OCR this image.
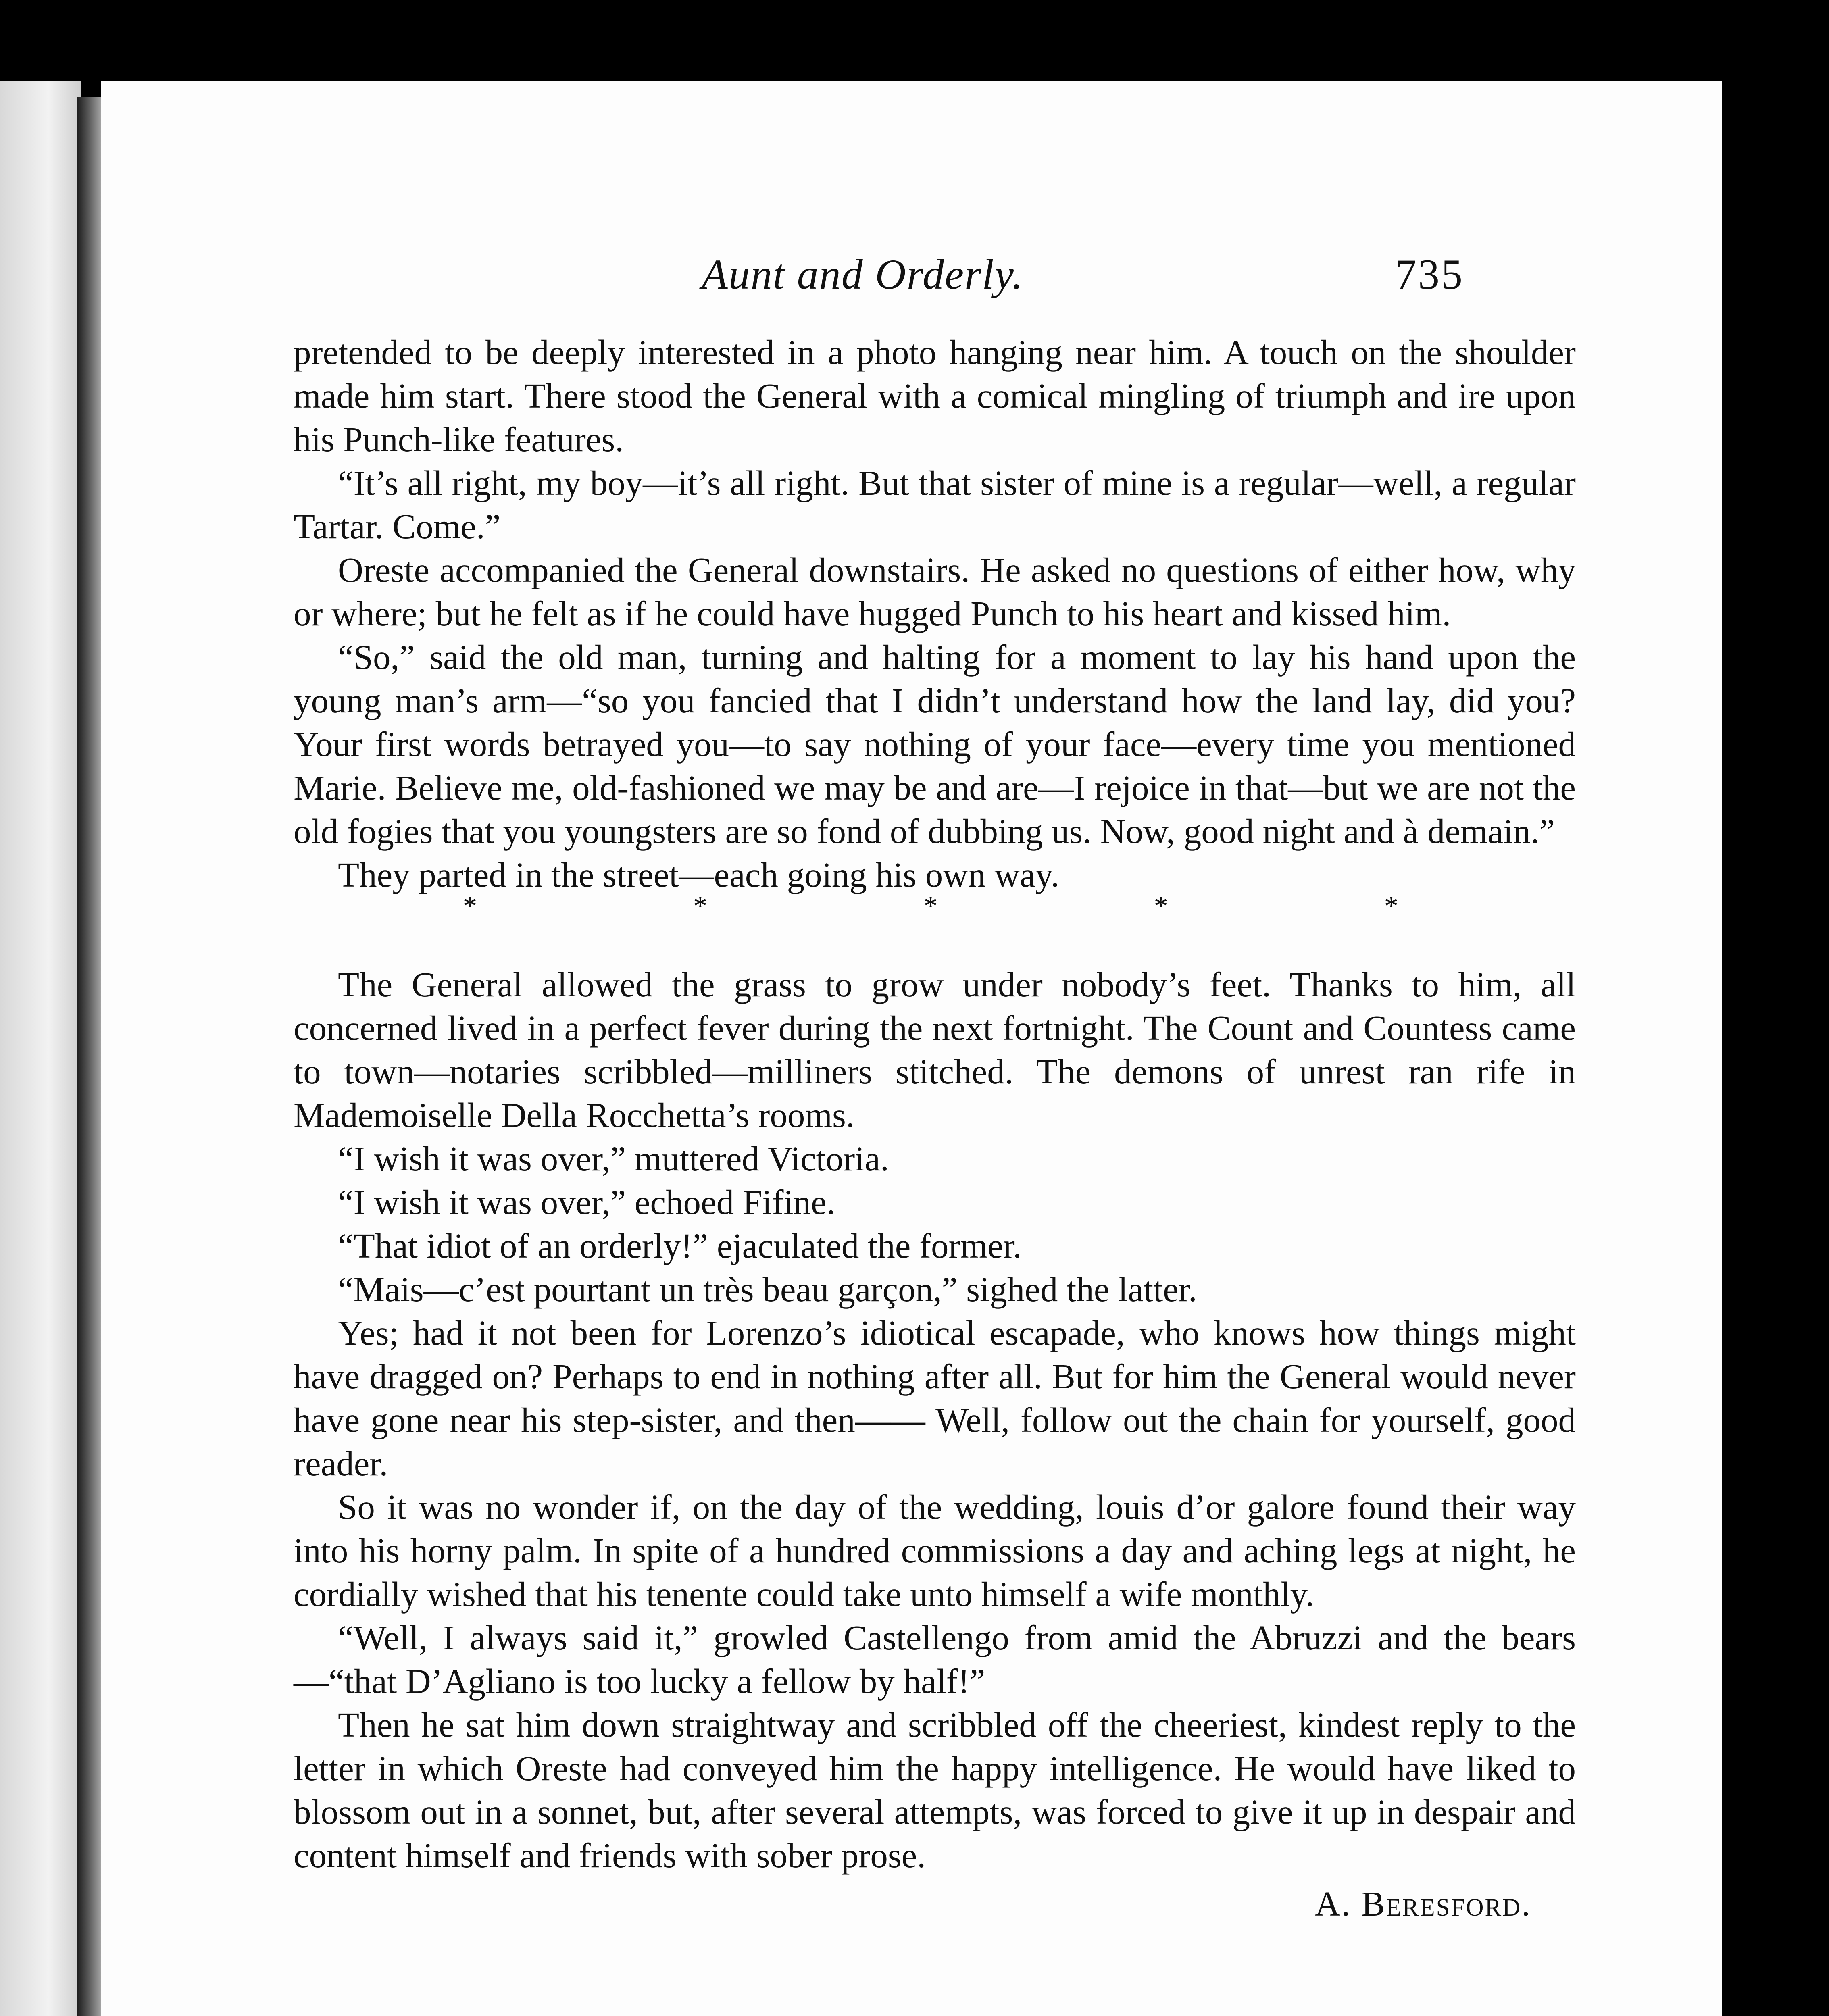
Aunt and Orderly.	735

pretended to be deeply interested in a photo hanging near him. A touch on the shoulder made him start. There stood the General with a comical mingling of triumph and ire upon his Punch-like features.

“It’s all right, my boy—it’s all right. But that sister of mine is a regular—well, a regular Tartar. Come.”

Oreste accompanied the General downstairs. He asked no questions of either how, why or where; but he felt as if he could have hugged Punch to his heart and kissed him.

“So,” said the old man, turning and halting for a moment to lay his hand upon the young man’s arm—“so you fancied that I didn’t understand how the land lay, did you? Your first words betrayed you—to say nothing of your face—every time you mentioned Marie. Believe me, old-fashioned we may be and are—I rejoice in that—but we are not the old fogies that you youngsters are so fond of dubbing us. Now, good night and à demain.”

They parted in the street—each going his own way.

*	*	*	*	*

The General allowed the grass to grow under nobody’s feet. Thanks to him, all concerned lived in a perfect fever during the next fortnight. The Count and Countess came to town—notaries scribbled—milliners stitched. The demons of unrest ran rife in Mademoiselle Della Rocchetta’s rooms.

“I wish it was over,” muttered Victoria.

“I wish it was over,” echoed Fifine.

“That idiot of an orderly!” ejaculated the former.

“Mais—c’est pourtant un très beau garçon,” sighed the latter.

Yes; had it not been for Lorenzo’s idiotical escapade, who knows how things might have dragged on? Perhaps to end in nothing after all. But for him the General would never have gone near his step-sister, and then—— Well, follow out the chain for yourself, good reader.

So it was no wonder if, on the day of the wedding, louis d’or galore found their way into his horny palm. In spite of a hundred commissions a day and aching legs at night, he cordially wished that his tenente could take unto himself a wife monthly.

“Well, I always said it,” growled Castellengo from amid the Abruzzi and the bears—“that D’Agliano is too lucky a fellow by half!”

Then he sat him down straightway and scribbled off the cheeriest, kindest reply to the letter in which Oreste had conveyed him the happy intelligence. He would have liked to blossom out in a sonnet, but, after several attempts, was forced to give it up in despair and content himself and friends with sober prose.

A. Beresford.
